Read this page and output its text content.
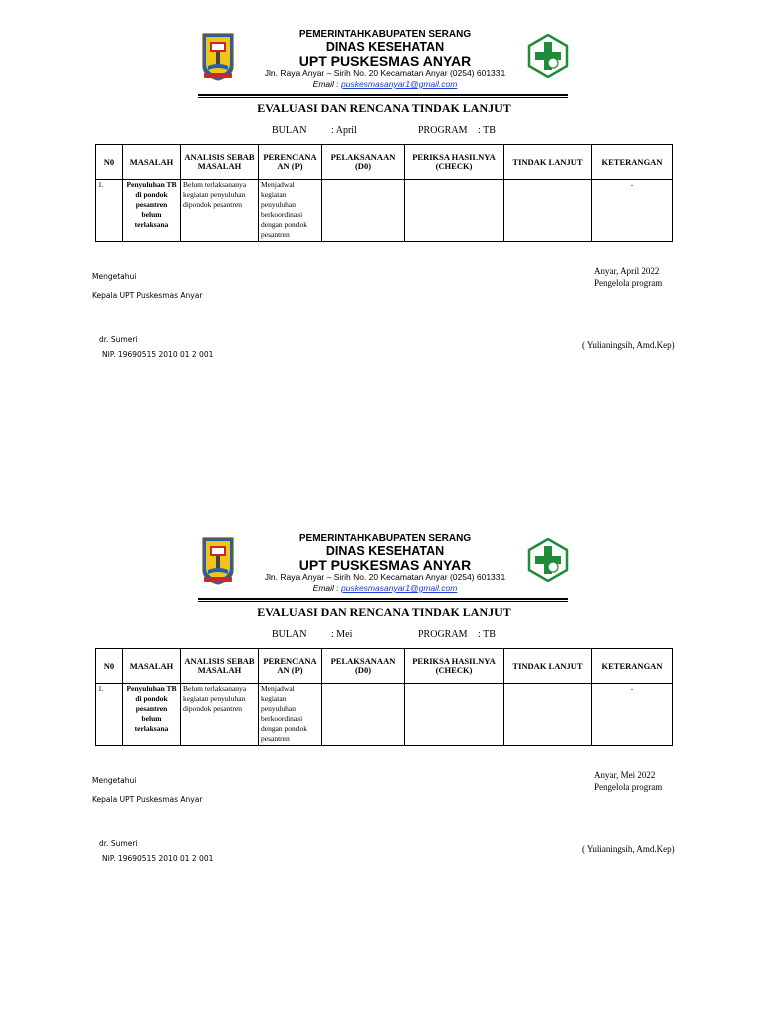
PEMERINTAHKABUPATEN SERANG
DINAS KESEHATAN
UPT PUSKESMAS ANYAR
Jln. Raya Anyar – Sirih No. 20 Kecamatan Anyar (0254) 601331
Email : puskesmasanyar1@gmail.com
EVALUASI DAN RENCANA TINDAK LANJUT
BULAN : April	PROGRAM : TB
N0	MASALAH	ANALISIS SEBAB MASALAH	PERENCANA AN (P)	PELAKSANAAN (D0)	PERIKSA HASILNYA (CHECK)	TINDAK LANJUT	KETERANGAN
1.	Penyuluhan TB di pondok pesantren belum terlaksana	Belum terlaksananya kegiatan penyuluhan dipondok pesantren	Menjadwal kegiatan penyuluhan berkoordinasi dengan pondok pesantren				-
Mengetahui
Kepala UPT Puskesmas Anyar
dr. Sumeri
NIP. 19690515 2010 01 2 001
Anyar, April 2022
Pengelola program
( Yulianingsih, Amd.Kep)
PEMERINTAHKABUPATEN SERANG
DINAS KESEHATAN
UPT PUSKESMAS ANYAR
Jln. Raya Anyar – Sirih No. 20 Kecamatan Anyar (0254) 601331
Email : puskesmasanyar1@gmail.com
EVALUASI DAN RENCANA TINDAK LANJUT
BULAN : Mei	PROGRAM : TB
N0	MASALAH	ANALISIS SEBAB MASALAH	PERENCANA AN (P)	PELAKSANAAN (D0)	PERIKSA HASILNYA (CHECK)	TINDAK LANJUT	KETERANGAN
1.	Penyuluhan TB di pondok pesantren belum terlaksana	Belum terlaksananya kegiatan penyuluhan dipondok pesantren	Menjadwal kegiatan penyuluhan berkoordinasi dengan pondok pesantren				-
Mengetahui
Kepala UPT Puskesmas Anyar
dr. Sumeri
NIP. 19690515 2010 01 2 001
Anyar, Mei 2022
Pengelola program
( Yulianingsih, Amd.Kep)
